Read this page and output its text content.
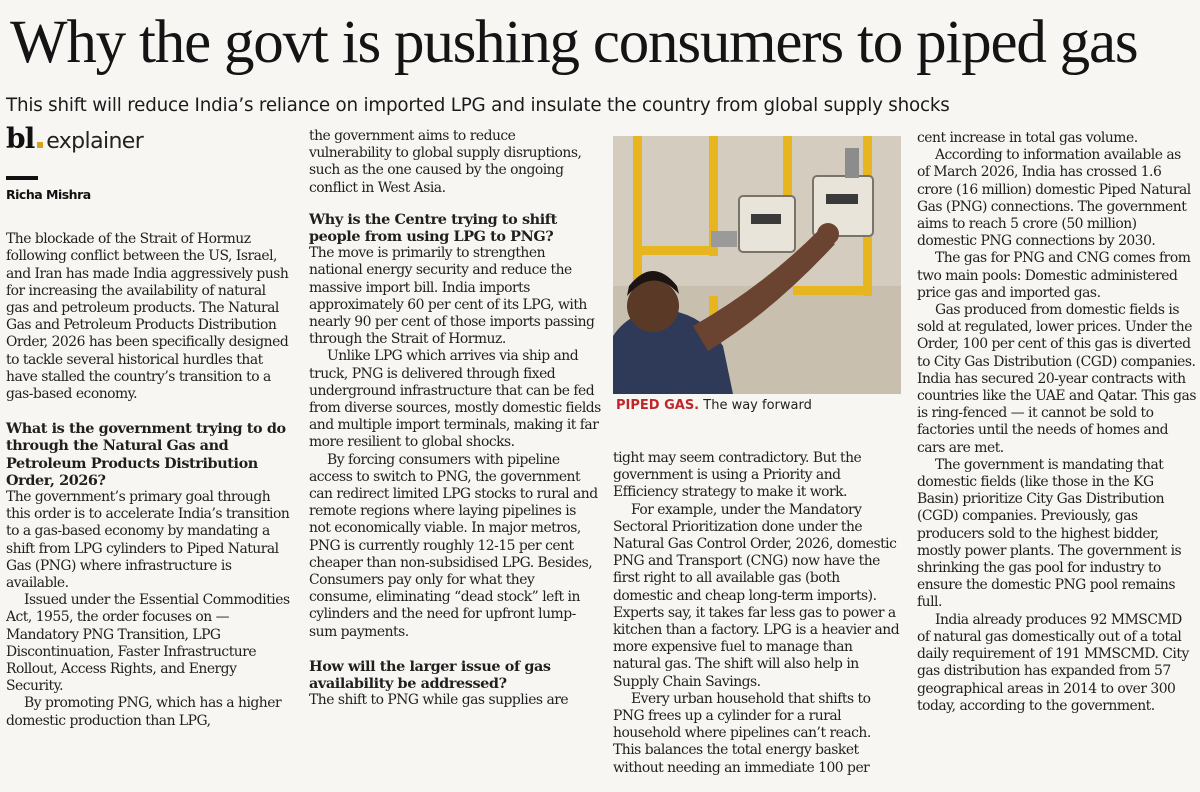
Why the govt is pushing consumers to piped gas
This shift will reduce India’s reliance on imported LPG and insulate the country from global supply shocks
bl explainer
Richa Mishra

The blockade of the Strait of Hormuz following conflict between the US, Israel, and Iran has made India aggressively push for increasing the availability of natural gas and petroleum products. The Natural Gas and Petroleum Products Distribution Order, 2026 has been specifically designed to tackle several historical hurdles that have stalled the country’s transition to a gas-based economy.

What is the government trying to do through the Natural Gas and Petroleum Products Distribution Order, 2026?

The government’s primary goal through this order is to accelerate India’s transition to a gas-based economy by mandating a shift from LPG cylinders to Piped Natural Gas (PNG) where infrastructure is available.

Issued under the Essential Commodities Act, 1955, the order focuses on — Mandatory PNG Transition, LPG Discontinuation, Faster Infrastructure Rollout, Access Rights, and Energy Security.

By promoting PNG, which has a higher domestic production than LPG,

the government aims to reduce vulnerability to global supply disruptions, such as the one caused by the ongoing conflict in West Asia.

Why is the Centre trying to shift people from using LPG to PNG?

The move is primarily to strengthen national energy security and reduce the massive import bill. India imports approximately 60 per cent of its LPG, with nearly 90 per cent of those imports passing through the Strait of Hormuz.

Unlike LPG which arrives via ship and truck, PNG is delivered through fixed underground infrastructure that can be fed from diverse sources, mostly domestic fields and multiple import terminals, making it far more resilient to global shocks.

By forcing consumers with pipeline access to switch to PNG, the government can redirect limited LPG stocks to rural and remote regions where laying pipelines is not economically viable. In major metros, PNG is currently roughly 12-15 per cent cheaper than non-subsidised LPG. Besides, Consumers pay only for what they consume, eliminating “dead stock” left in cylinders and the need for upfront lump-sum payments.

How will the larger issue of gas availability be addressed?

The shift to PNG while gas supplies are

PIPED GAS. The way forward

tight may seem contradictory. But the government is using a Priority and Efficiency strategy to make it work.

For example, under the Mandatory Sectoral Prioritization done under the Natural Gas Control Order, 2026, domestic PNG and Transport (CNG) now have the first right to all available gas (both domestic and cheap long-term imports). Experts say, it takes far less gas to power a kitchen than a factory. LPG is a heavier and more expensive fuel to manage than natural gas. The shift will also help in Supply Chain Savings.

Every urban household that shifts to PNG frees up a cylinder for a rural household where pipelines can’t reach. This balances the total energy basket without needing an immediate 100 per

cent increase in total gas volume.

According to information available as of March 2026, India has crossed 1.6 crore (16 million) domestic Piped Natural Gas (PNG) connections. The government aims to reach 5 crore (50 million) domestic PNG connections by 2030.

The gas for PNG and CNG comes from two main pools: Domestic administered price gas and imported gas.

Gas produced from domestic fields is sold at regulated, lower prices. Under the Order, 100 per cent of this gas is diverted to City Gas Distribution (CGD) companies. India has secured 20-year contracts with countries like the UAE and Qatar. This gas is ring-fenced — it cannot be sold to factories until the needs of homes and cars are met.

The government is mandating that domestic fields (like those in the KG Basin) prioritize City Gas Distribution (CGD) companies. Previously, gas producers sold to the highest bidder, mostly power plants. The government is shrinking the gas pool for industry to ensure the domestic PNG pool remains full.

India already produces 92 MMSCMD of natural gas domestically out of a total daily requirement of 191 MMSCMD. City gas distribution has expanded from 57 geographical areas in 2014 to over 300 today, according to the government.
